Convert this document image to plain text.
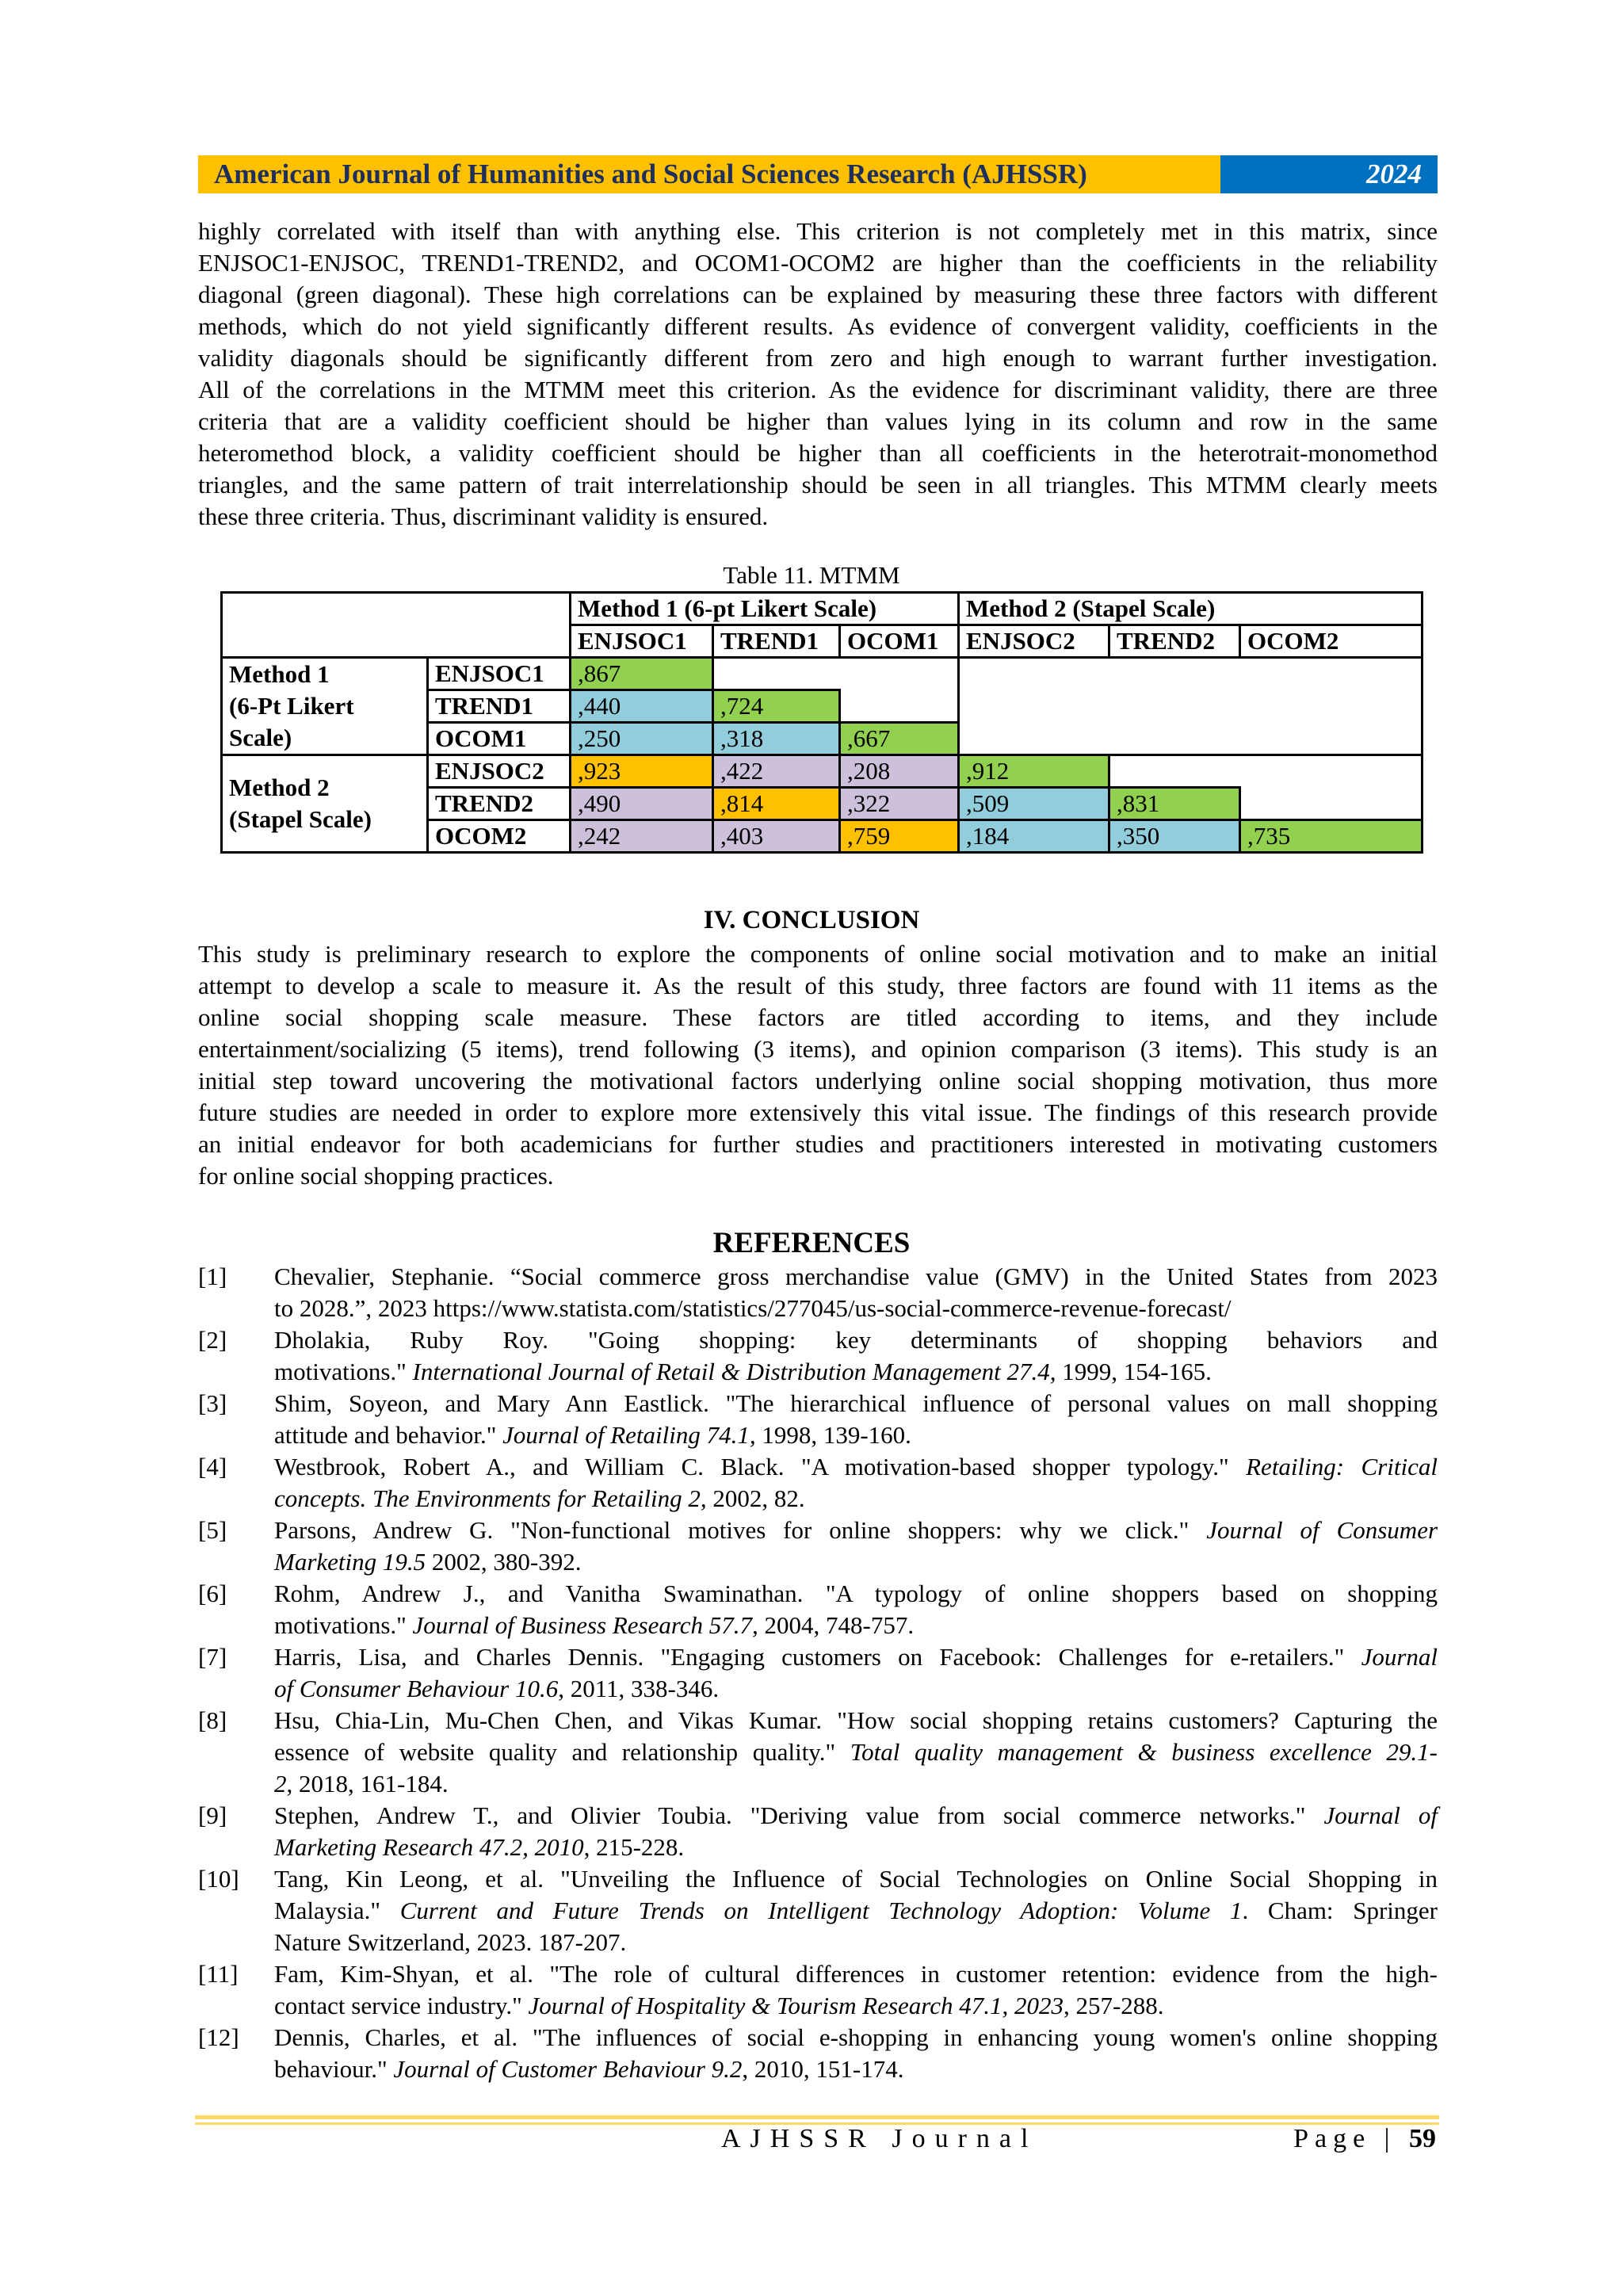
American Journal of Humanities and Social Sciences Research (AJHSSR)	2024
highly correlated with itself than with anything else. This criterion is not completely met in this matrix, since
ENJSOC1-ENJSOC, TREND1-TREND2, and OCOM1-OCOM2 are higher than the coefficients in the reliability
diagonal (green diagonal). These high correlations can be explained by measuring these three factors with different
methods, which do not yield significantly different results. As evidence of convergent validity, coefficients in the
validity diagonals should be significantly different from zero and high enough to warrant further investigation.
All of the correlations in the MTMM meet this criterion. As the evidence for discriminant validity, there are three
criteria that are a validity coefficient should be higher than values lying in its column and row in the same
heteromethod block, a validity coefficient should be higher than all coefficients in the heterotrait-monomethod
triangles, and the same pattern of trait interrelationship should be seen in all triangles. This MTMM clearly meets
these three criteria. Thus, discriminant validity is ensured.
Table 11. MTMM
		Method 1 (6-pt Likert Scale)			Method 2 (Stapel Scale)		
		ENJSOC1	TREND1	OCOM1	ENJSOC2	TREND2	OCOM2
Method 1
(6-Pt Likert
Scale)	ENJSOC1	,867					
	TREND1	,440	,724				
	OCOM1	,250	,318	,667			
Method 2
(Stapel Scale)	ENJSOC2	,923	,422	,208	,912		
	TREND2	,490	,814	,322	,509	,831	
	OCOM2	,242	,403	,759	,184	,350	,735
IV. CONCLUSION
This study is preliminary research to explore the components of online social motivation and to make an initial
attempt to develop a scale to measure it. As the result of this study, three factors are found with 11 items as the
online social shopping scale measure. These factors are titled according to items, and they include
entertainment/socializing (5 items), trend following (3 items), and opinion comparison (3 items). This study is an
initial step toward uncovering the motivational factors underlying online social shopping motivation, thus more
future studies are needed in order to explore more extensively this vital issue. The findings of this research provide
an initial endeavor for both academicians for further studies and practitioners interested in motivating customers
for online social shopping practices.
REFERENCES
[1]	Chevalier, Stephanie. “Social commerce gross merchandise value (GMV) in the United States from 2023
to 2028.”, 2023 https://www.statista.com/statistics/277045/us-social-commerce-revenue-forecast/
[2]	Dholakia, Ruby Roy. "Going shopping: key determinants of shopping behaviors and
motivations." International Journal of Retail & Distribution Management 27.4, 1999, 154-165.
[3]	Shim, Soyeon, and Mary Ann Eastlick. "The hierarchical influence of personal values on mall shopping
attitude and behavior." Journal of Retailing 74.1, 1998, 139-160.
[4]	Westbrook, Robert A., and William C. Black. "A motivation-based shopper typology." Retailing: Critical
concepts. The Environments for Retailing 2, 2002, 82.
[5]	Parsons, Andrew G. "Non-functional motives for online shoppers: why we click." Journal of Consumer
Marketing 19.5 2002, 380-392.
[6]	Rohm, Andrew J., and Vanitha Swaminathan. "A typology of online shoppers based on shopping
motivations." Journal of Business Research 57.7, 2004, 748-757.
[7]	Harris, Lisa, and Charles Dennis. "Engaging customers on Facebook: Challenges for e-retailers." Journal
of Consumer Behaviour 10.6, 2011, 338-346.
[8]	Hsu, Chia-Lin, Mu-Chen Chen, and Vikas Kumar. "How social shopping retains customers? Capturing the
essence of website quality and relationship quality." Total quality management & business excellence 29.1-
2, 2018, 161-184.
[9]	Stephen, Andrew T., and Olivier Toubia. "Deriving value from social commerce networks." Journal of
Marketing Research 47.2, 2010, 215-228.
[10]	Tang, Kin Leong, et al. "Unveiling the Influence of Social Technologies on Online Social Shopping in
Malaysia." Current and Future Trends on Intelligent Technology Adoption: Volume 1. Cham: Springer
Nature Switzerland, 2023. 187-207.
[11]	Fam, Kim-Shyan, et al. "The role of cultural differences in customer retention: evidence from the high-
contact service industry." Journal of Hospitality & Tourism Research 47.1, 2023, 257-288.
[12]	Dennis, Charles, et al. "The influences of social e-shopping in enhancing young women's online shopping
behaviour." Journal of Customer Behaviour 9.2, 2010, 151-174.
AJHSSR Journal	Page | 59
